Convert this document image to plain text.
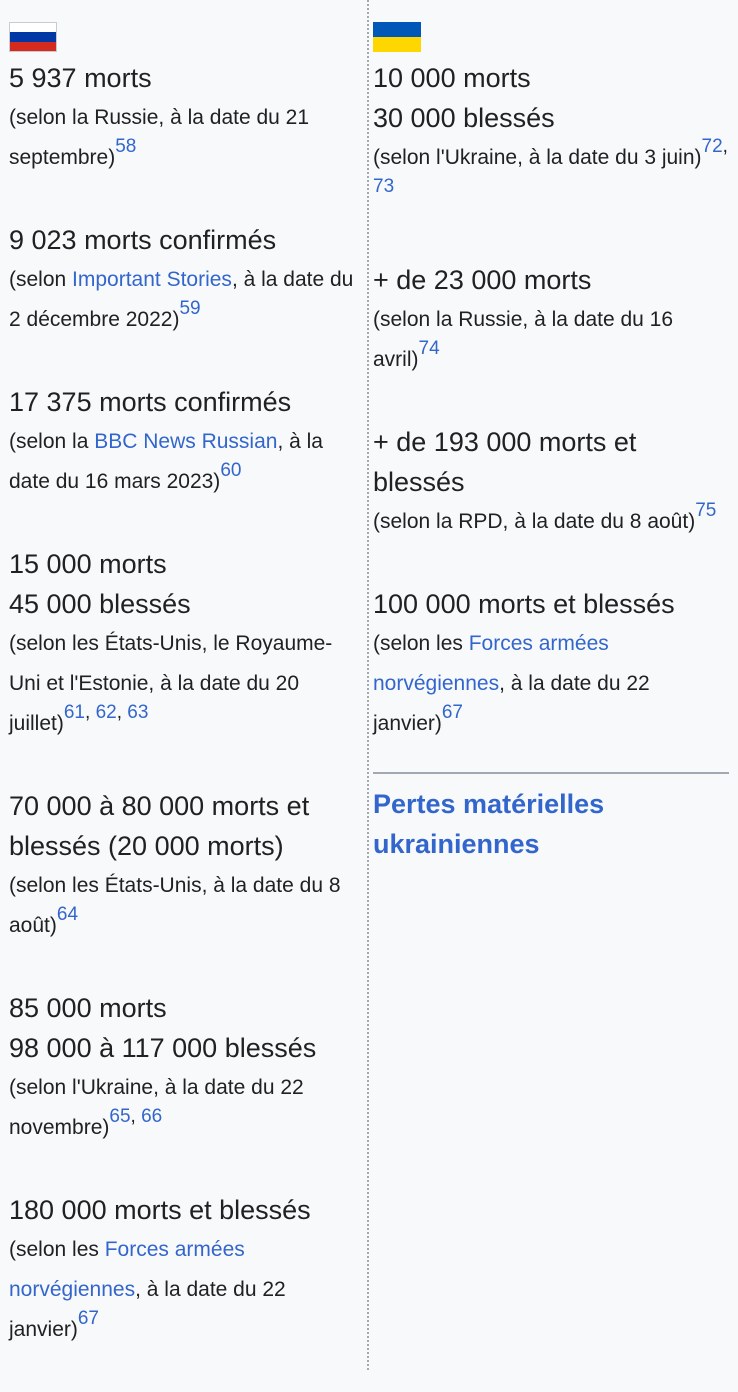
5 937 morts

(selon la Russie, à la date du 21 septembre)$^{58}$

9 023 morts confirmés

(selon Important Stories, à la date du 2 décembre 2022)$^{59}$

17 375 morts confirmés

(selon la BBC News Russian, à la date du 16 mars 2023)$^{60}$

15 000 morts

45 000 blessés

(selon les États-Unis, le Royaume-Uni et l'Estonie, à la date du 20 juillet)$^{61, 62, 63}$

70 000 à 80 000 morts et blessés (20 000 morts)

(selon les États-Unis, à la date du 8 août)$^{64}$

85 000 morts

98 000 à 117 000 blessés

(selon l'Ukraine, à la date du 22 novembre)$^{65, 66}$

180 000 morts et blessés

(selon les Forces armées norvégiennes, à la date du 22 janvier)$^{67}$

10 000 morts

30 000 blessés

(selon l'Ukraine, à la date du 3 juin)$^{72, 73}$

+ de 23 000 morts

(selon la Russie, à la date du 16 avril)$^{74}$

+ de 193 000 morts et blessés

(selon la RPD, à la date du 8 août)$^{75}$

100 000 morts et blessés

(selon les Forces armées norvégiennes, à la date du 22 janvier)$^{67}$

Pertes matérielles ukrainiennes
